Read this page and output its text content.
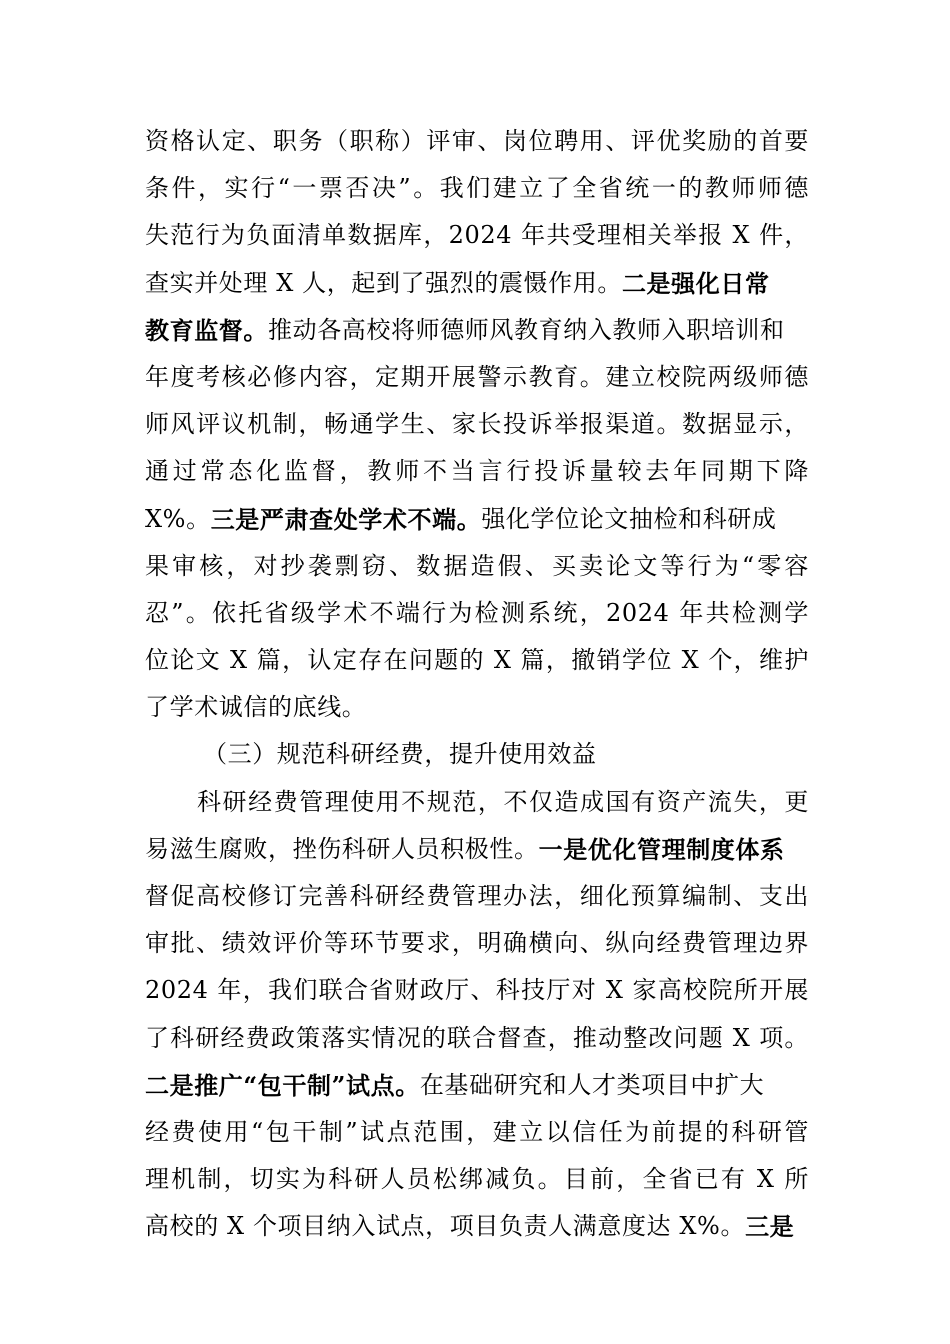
资格认定、职务（职称）评审、岗位聘用、评优奖励的首要
条件，实行“一票否决”。我们建立了全省统一的教师师德
失范行为负面清单数据库，2024 年共受理相关举报 X 件，
查实并处理 X 人，起到了强烈的震慑作用。 二是强化日常
教育监督。 推动各高校将师德师风教育纳入教师入职培训和
年度考核必修内容，定期开展警示教育。建立校院两级师德
师风评议机制，畅通学生、家长投诉举报渠道。数据显示，
通过常态化监督，教师不当言行投诉量较去年同期下降
X%。 三是严肃查处学术不端。 强化学位论文抽检和科研成
果审核，对抄袭剽窃、数据造假、买卖论文等行为“零容
忍”。依托省级学术不端行为检测系统，2024 年共检测学
位论文 X 篇，认定存在问题的 X 篇，撤销学位 X 个，维护
了学术诚信的底线。
（三）规范科研经费，提升使用效益
科研经费管理使用不规范，不仅造成国有资产流失，更
易滋生腐败，挫伤科研人员积极性。 一是优化管理制度体系
督促高校修订完善科研经费管理办法，细化预算编制、支出
审批、绩效评价等环节要求，明确横向、纵向经费管理边界
2024 年，我们联合省财政厅、科技厅对 X 家高校院所开展
了科研经费政策落实情况的联合督查，推动整改问题 X 项。
二是推广“包干制”试点。 在基础研究和人才类项目中扩大
经费使用“包干制”试点范围，建立以信任为前提的科研管
理机制，切实为科研人员松绑减负。目前，全省已有 X 所
高校的 X 个项目纳入试点，项目负责人满意度达 X%。 三是
